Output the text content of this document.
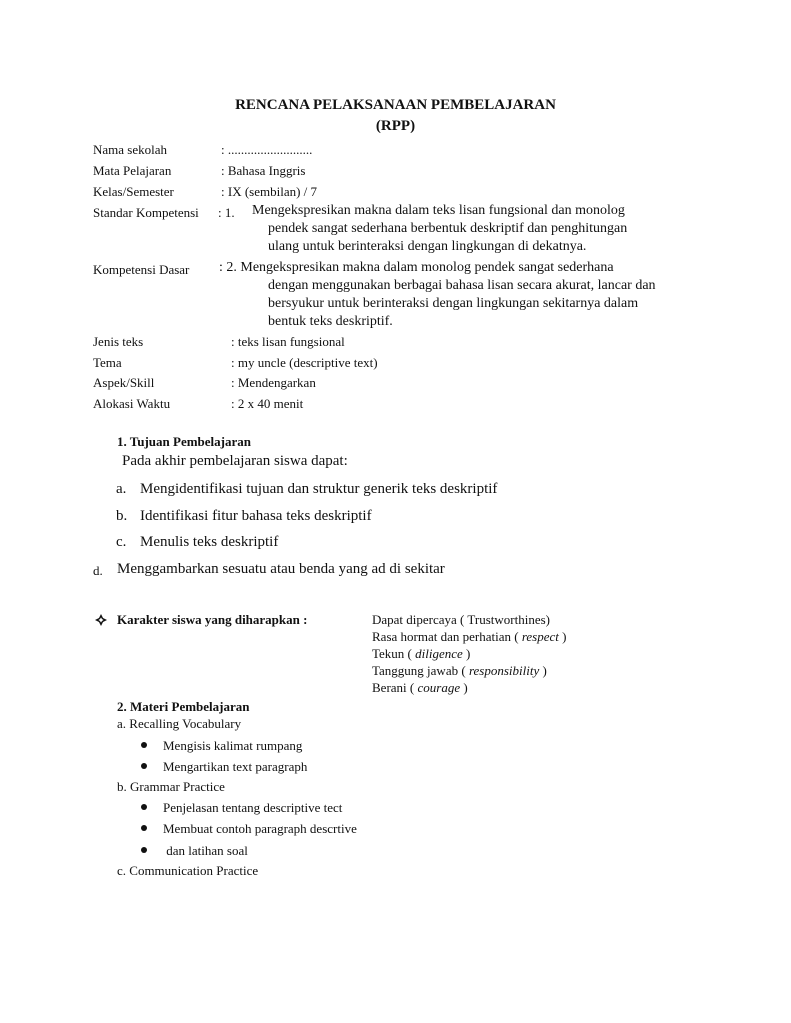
RENCANA PELAKSANAAN PEMBELAJARAN
(RPP)
Nama sekolah	: ..........................
Mata Pelajaran	: Bahasa Inggris
Kelas/Semester	: IX (sembilan) / 7
Standar Kompetensi : 1. Mengekspresikan makna dalam teks lisan fungsional dan monolog
pendek sangat sederhana berbentuk deskriptif dan penghitungan
ulang untuk berinteraksi dengan lingkungan di dekatnya.
Kompetensi Dasar : 2. Mengekspresikan makna dalam monolog pendek sangat sederhana
dengan menggunakan berbagai bahasa lisan secara akurat, lancar dan
bersyukur untuk berinteraksi dengan lingkungan sekitarnya dalam
bentuk teks deskriptif.
Jenis teks	: teks lisan fungsional
Tema	: my uncle (descriptive text)
Aspek/Skill	: Mendengarkan
Alokasi Waktu	: 2 x 40 menit
1. Tujuan Pembelajaran
Pada akhir pembelajaran siswa dapat:
a. Mengidentifikasi tujuan dan struktur generik teks deskriptif
b. Identifikasi fitur bahasa teks deskriptif
c. Menulis teks deskriptif
d. Menggambarkan sesuatu atau benda yang ad di sekitar
Karakter siswa yang diharapkan :	Dapat dipercaya ( Trustworthines)
Rasa hormat dan perhatian ( respect )
Tekun ( diligence )
Tanggung jawab ( responsibility )
Berani ( courage )
2. Materi Pembelajaran
a. Recalling Vocabulary
Mengisis kalimat rumpang
Mengartikan text paragraph
b. Grammar Practice
Penjelasan tentang descriptive tect
Membuat contoh paragraph descrtive
dan latihan soal
c. Communication Practice
